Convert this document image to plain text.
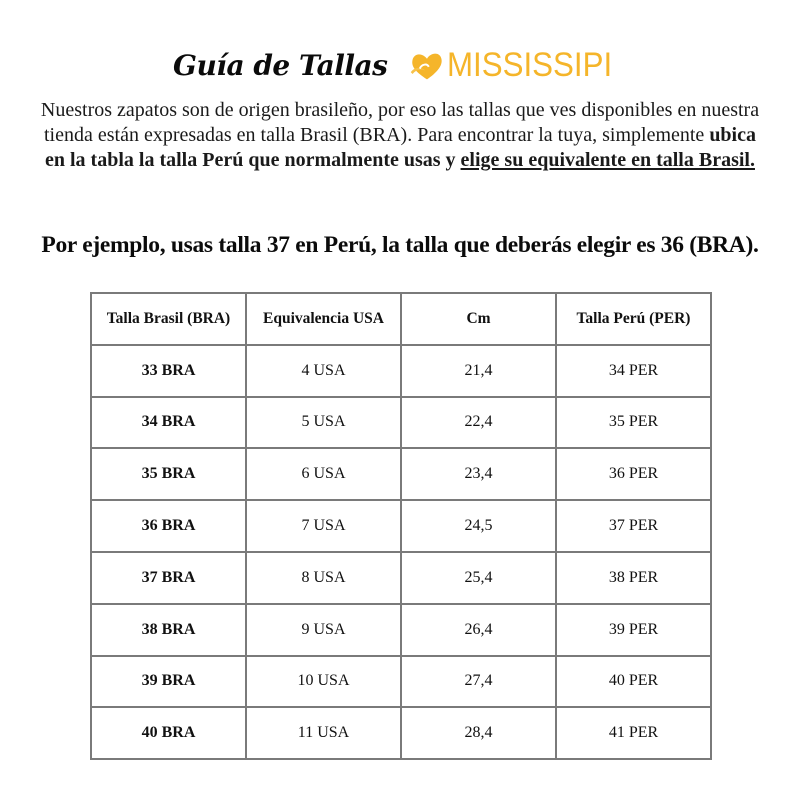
Guía de Tallas MISSISSIPI

Nuestros zapatos son de origen brasileño, por eso las tallas que ves disponibles en nuestra tienda están expresadas en talla Brasil (BRA). Para encontrar la tuya, simplemente ubica en la tabla la talla Perú que normalmente usas y elige su equivalente en talla Brasil.

Por ejemplo, usas talla 37 en Perú, la talla que deberás elegir es 36 (BRA).

Talla Brasil (BRA)	Equivalencia USA	Cm	Talla Perú (PER)
33 BRA	4 USA	21,4	34 PER
34 BRA	5 USA	22,4	35 PER
35 BRA	6 USA	23,4	36 PER
36 BRA	7 USA	24,5	37 PER
37 BRA	8 USA	25,4	38 PER
38 BRA	9 USA	26,4	39 PER
39 BRA	10 USA	27,4	40 PER
40 BRA	11 USA	28,4	41 PER
